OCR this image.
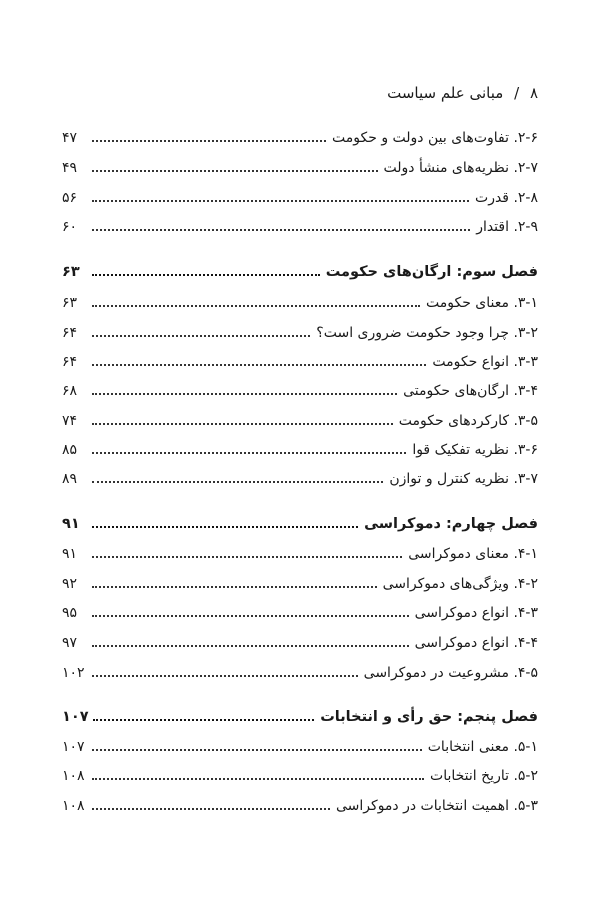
۸ / مبانی علم سیاست
۲-۶. تفاوت‌های بین دولت و حکومت
۴۷
۲-۷. نظریه‌های منشأ دولت
۴۹
۲-۸. قدرت
۵۶
۲-۹. اقتدار
۶۰
فصل سوم: ارگان‌های حکومت
۶۳
۳-۱. معنای حکومت
۶۳
۳-۲. چرا وجود حکومت ضروری است؟
۶۴
۳-۳. انواع حکومت
۶۴
۳-۴. ارگان‌های حکومتی
۶۸
۳-۵. کارکردهای حکومت
۷۴
۳-۶. نظریه تفکیک قوا
۸۵
۳-۷. نظریه کنترل و توازن
۸۹
فصل چهارم: دموکراسی
۹۱
۴-۱. معنای دموکراسی
۹۱
۴-۲. ویژگی‌های دموکراسی
۹۲
۴-۳. انواع دموکراسی
۹۵
۴-۴. انواع دموکراسی
۹۷
۴-۵. مشروعیت در دموکراسی
۱۰۲
فصل پنجم: حق رأی و انتخابات
۱۰۷
۵-۱. معنی انتخابات
۱۰۷
۵-۲. تاریخ انتخابات
۱۰۸
۵-۳. اهمیت انتخابات در دموکراسی
۱۰۸
